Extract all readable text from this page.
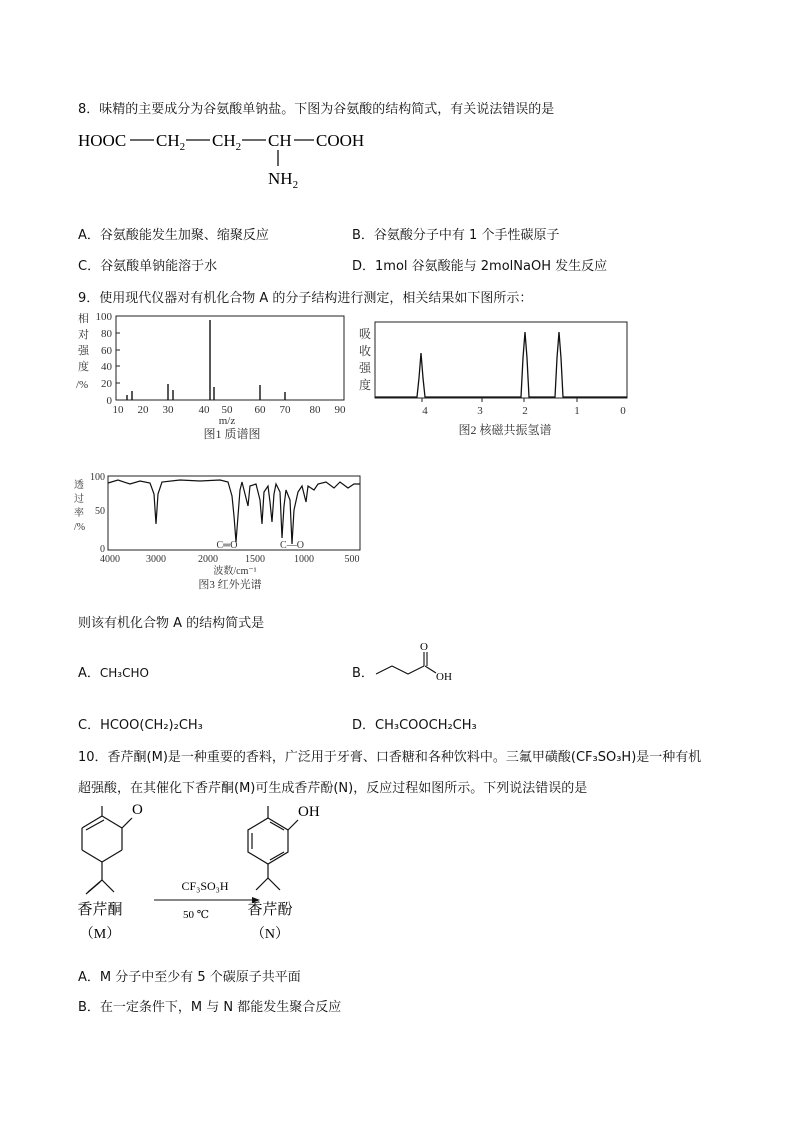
8．味精的主要成分为谷氨酸单钠盐。下图为谷氨酸的结构简式，有关说法错误的是
HOOC $CH_2$ $CH_2$ CH COOH
$NH_2$
A．谷氨酸能发生加聚、缩聚反应	B．谷氨酸分子中有 1 个手性碳原子
C．谷氨酸单钠能溶于水	D．1mol 谷氨酸能与 2molNaOH 发生反应
9．使用现代仪器对有机化合物 A 的分子结构进行测定，相关结果如下图所示：
相
对
强
度
/%
100
80
60
40
20
0
10 20 30 40 50 60 70 80 90
m/z
图1 质谱图
吸
收
强
度
4	3	2	1	0
图2 核磁共振氢谱
透
过
率
/%
100
50
0	C═O	C—O
4000	3000	2000	1500	1000	500
波数/cm⁻¹
图3 红外光谱
则该有机化合物 A 的结构简式是
A．CH₃CHO	B．
O
OH
C．HCOO(CH₂)₂CH₃	D．CH₃COOCH₂CH₃
10．香芹酮(M)是一种重要的香料，广泛用于牙膏、口香糖和各种饮料中。三氟甲磺酸(CF₃SO₃H)是一种有机
超强酸，在其催化下香芹酮(M)可生成香芹酚(N)，反应过程如图所示。下列说法错误的是
O
CF₃SO₃H
50 ℃
OH
香芹酮
（M）
香芹酚
（N）
A．M 分子中至少有 5 个碳原子共平面
B．在一定条件下，M 与 N 都能发生聚合反应
